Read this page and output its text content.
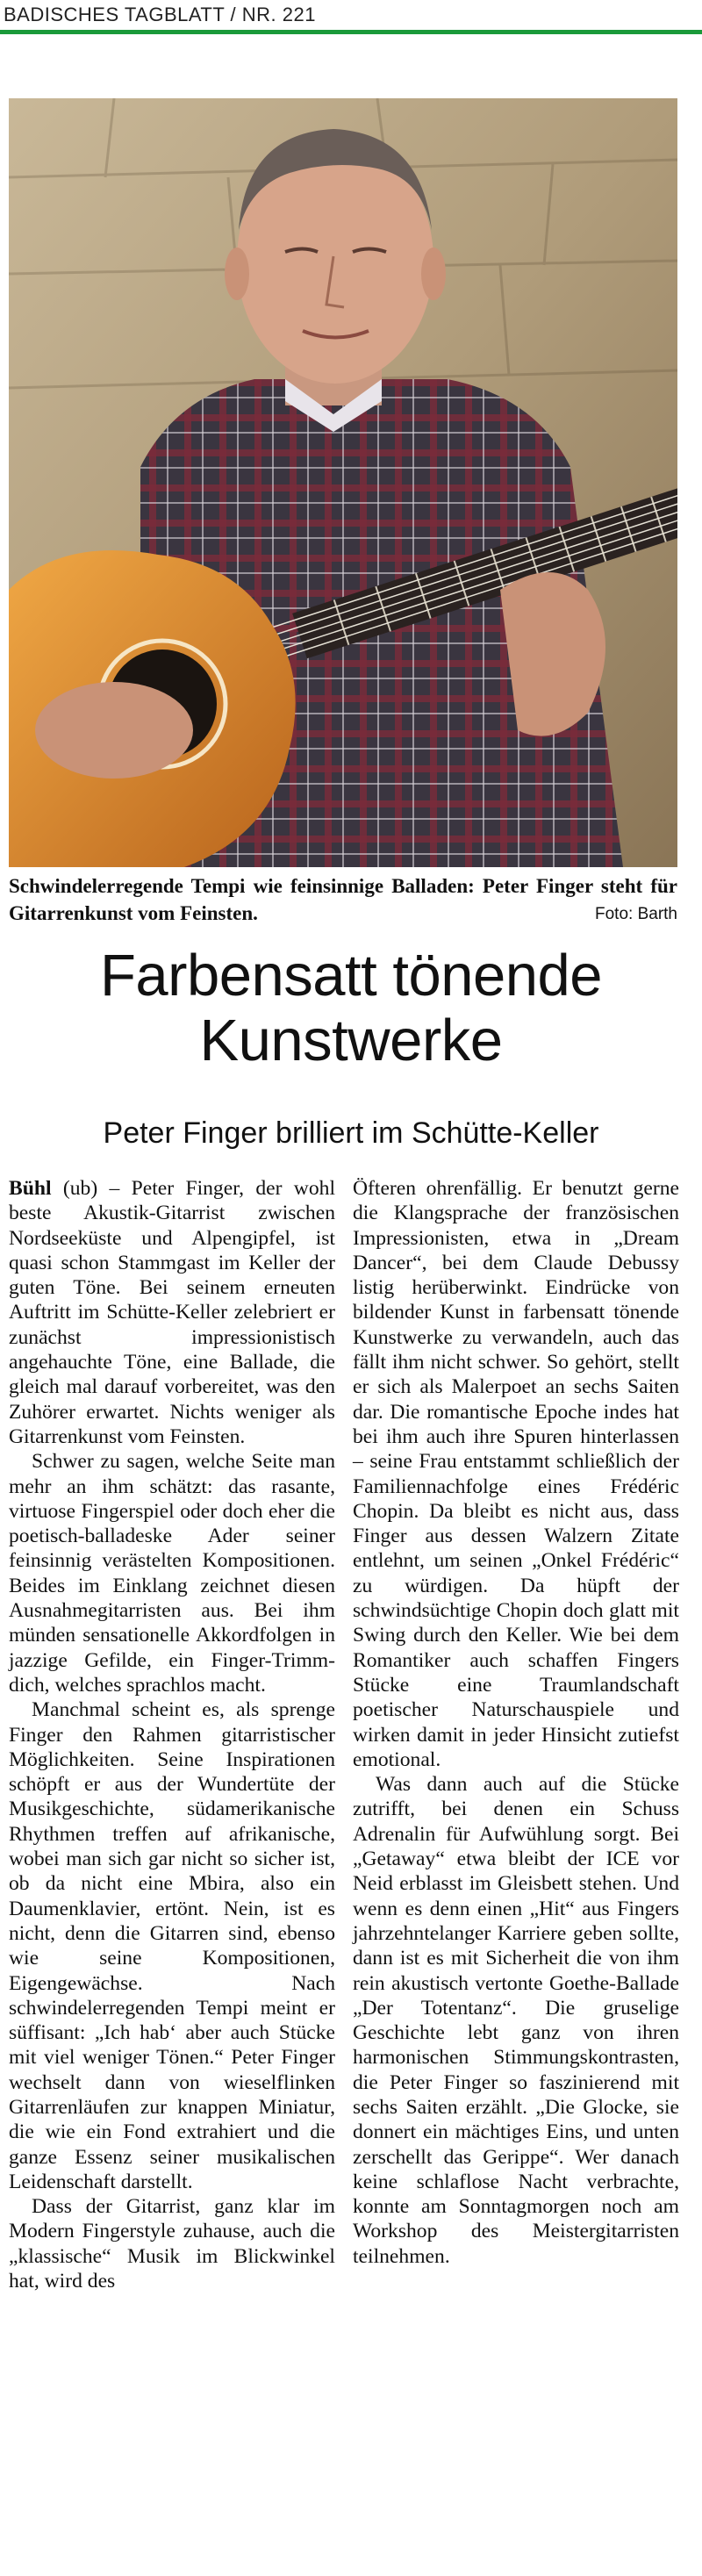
BADISCHES TAGBLATT / NR. 221
Schwindelerregende Tempi wie feinsinnige Balladen: Peter Finger steht für Gitarrenkunst vom Feinsten.	Foto: Barth
Farbensatt tönende
Kunstwerke
Peter Finger brilliert im Schütte-Keller

Bühl (ub) – Peter Finger, der wohl beste Akustik-Gitarrist zwischen Nordseeküste und Alpengipfel, ist quasi schon Stammgast im Keller der guten Töne. Bei seinem erneuten Auftritt im Schütte-Keller zelebriert er zunächst impressionistisch angehauchte Töne, eine Ballade, die gleich mal darauf vorbereitet, was den Zuhörer erwartet. Nichts weniger als Gitarrenkunst vom Feinsten.

Schwer zu sagen, welche Seite man mehr an ihm schätzt: das rasante, virtuose Fingerspiel oder doch eher die poetisch-balladeske Ader seiner feinsinnig verästelten Kompositionen. Beides im Einklang zeichnet diesen Ausnahmegitarristen aus. Bei ihm münden sensationelle Akkordfolgen in jazzige Gefilde, ein Finger-Trimm-dich, welches sprachlos macht.

Manchmal scheint es, als sprenge Finger den Rahmen gitarristischer Möglichkeiten. Seine Inspirationen schöpft er aus der Wundertüte der Musikgeschichte, südamerikanische Rhythmen treffen auf afrikanische, wobei man sich gar nicht so sicher ist, ob da nicht eine Mbira, also ein Daumenklavier, ertönt. Nein, ist es nicht, denn die Gitarren sind, ebenso wie seine Kompositionen, Eigengewächse. Nach schwindelerregenden Tempi meint er süffisant: „Ich hab‘ aber auch Stücke mit viel weniger Tönen.“ Peter Finger wechselt dann von wieselflinken Gitarrenläufen zur knappen Miniatur, die wie ein Fond extrahiert und die ganze Essenz seiner musikalischen Leidenschaft darstellt.

Dass der Gitarrist, ganz klar im Modern Fingerstyle zuhause, auch die „klassische“ Musik im Blickwinkel hat, wird des

Öfteren ohrenfällig. Er benutzt gerne die Klangsprache der französischen Impressionisten, etwa in „Dream Dancer“, bei dem Claude Debussy listig herüberwinkt. Eindrücke von bildender Kunst in farbensatt tönende Kunstwerke zu verwandeln, auch das fällt ihm nicht schwer. So gehört, stellt er sich als Malerpoet an sechs Saiten dar. Die romantische Epoche indes hat bei ihm auch ihre Spuren hinterlassen – seine Frau entstammt schließlich der Familiennachfolge eines Frédéric Chopin. Da bleibt es nicht aus, dass Finger aus dessen Walzern Zitate entlehnt, um seinen „Onkel Frédéric“ zu würdigen. Da hüpft der schwindsüchtige Chopin doch glatt mit Swing durch den Keller. Wie bei dem Romantiker auch schaffen Fingers Stücke eine Traumlandschaft poetischer Naturschauspiele und wirken damit in jeder Hinsicht zutiefst emotional.

Was dann auch auf die Stücke zutrifft, bei denen ein Schuss Adrenalin für Aufwühlung sorgt. Bei „Getaway“ etwa bleibt der ICE vor Neid erblasst im Gleisbett stehen. Und wenn es denn einen „Hit“ aus Fingers jahrzehntelanger Karriere geben sollte, dann ist es mit Sicherheit die von ihm rein akustisch vertonte Goethe-Ballade „Der Totentanz“. Die gruselige Geschichte lebt ganz von ihren harmonischen Stimmungskontrasten, die Peter Finger so faszinierend mit sechs Saiten erzählt. „Die Glocke, sie donnert ein mächtiges Eins, und unten zerschellt das Gerippe“. Wer danach keine schlaflose Nacht verbrachte, konnte am Sonntagmorgen noch am Workshop des Meistergitarristen teilnehmen.
